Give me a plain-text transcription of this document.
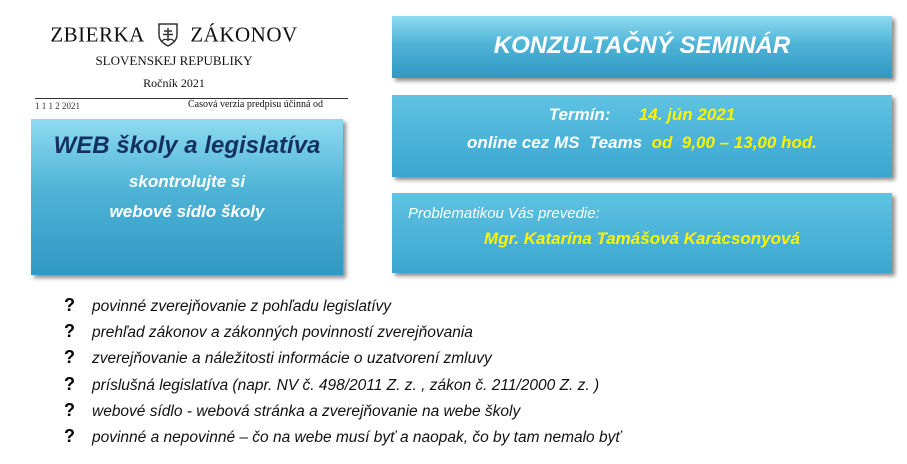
ZBIERKA ZÁKONOV
SLOVENSKEJ REPUBLIKY
Ročník 2021
1 1 1 2 2021	Časová verzia predpisu účinná od
WEB školy a legislatíva
skontrolujte si
webové sídlo školy
KONZULTAČNÝ SEMINÁR
Termín: 14. jún 2021
online cez MS  Teams od  9,00 – 13,00 hod.
Problematikou Vás prevedie:
Mgr. Katarína Tamášová Karácsonyová
? povinné zverejňovanie z pohľadu legislatívy
? prehľad zákonov a zákonných povinností zverejňovania
? zverejňovanie a náležitosti informácie o uzatvorení zmluvy
? príslušná legislatíva (napr. NV č. 498/2011 Z. z. , zákon č. 211/2000 Z. z. )
? webové sídlo - webová stránka a zverejňovanie na webe školy
? povinné a nepovinné – čo na webe musí byť a naopak, čo by tam nemalo byť
